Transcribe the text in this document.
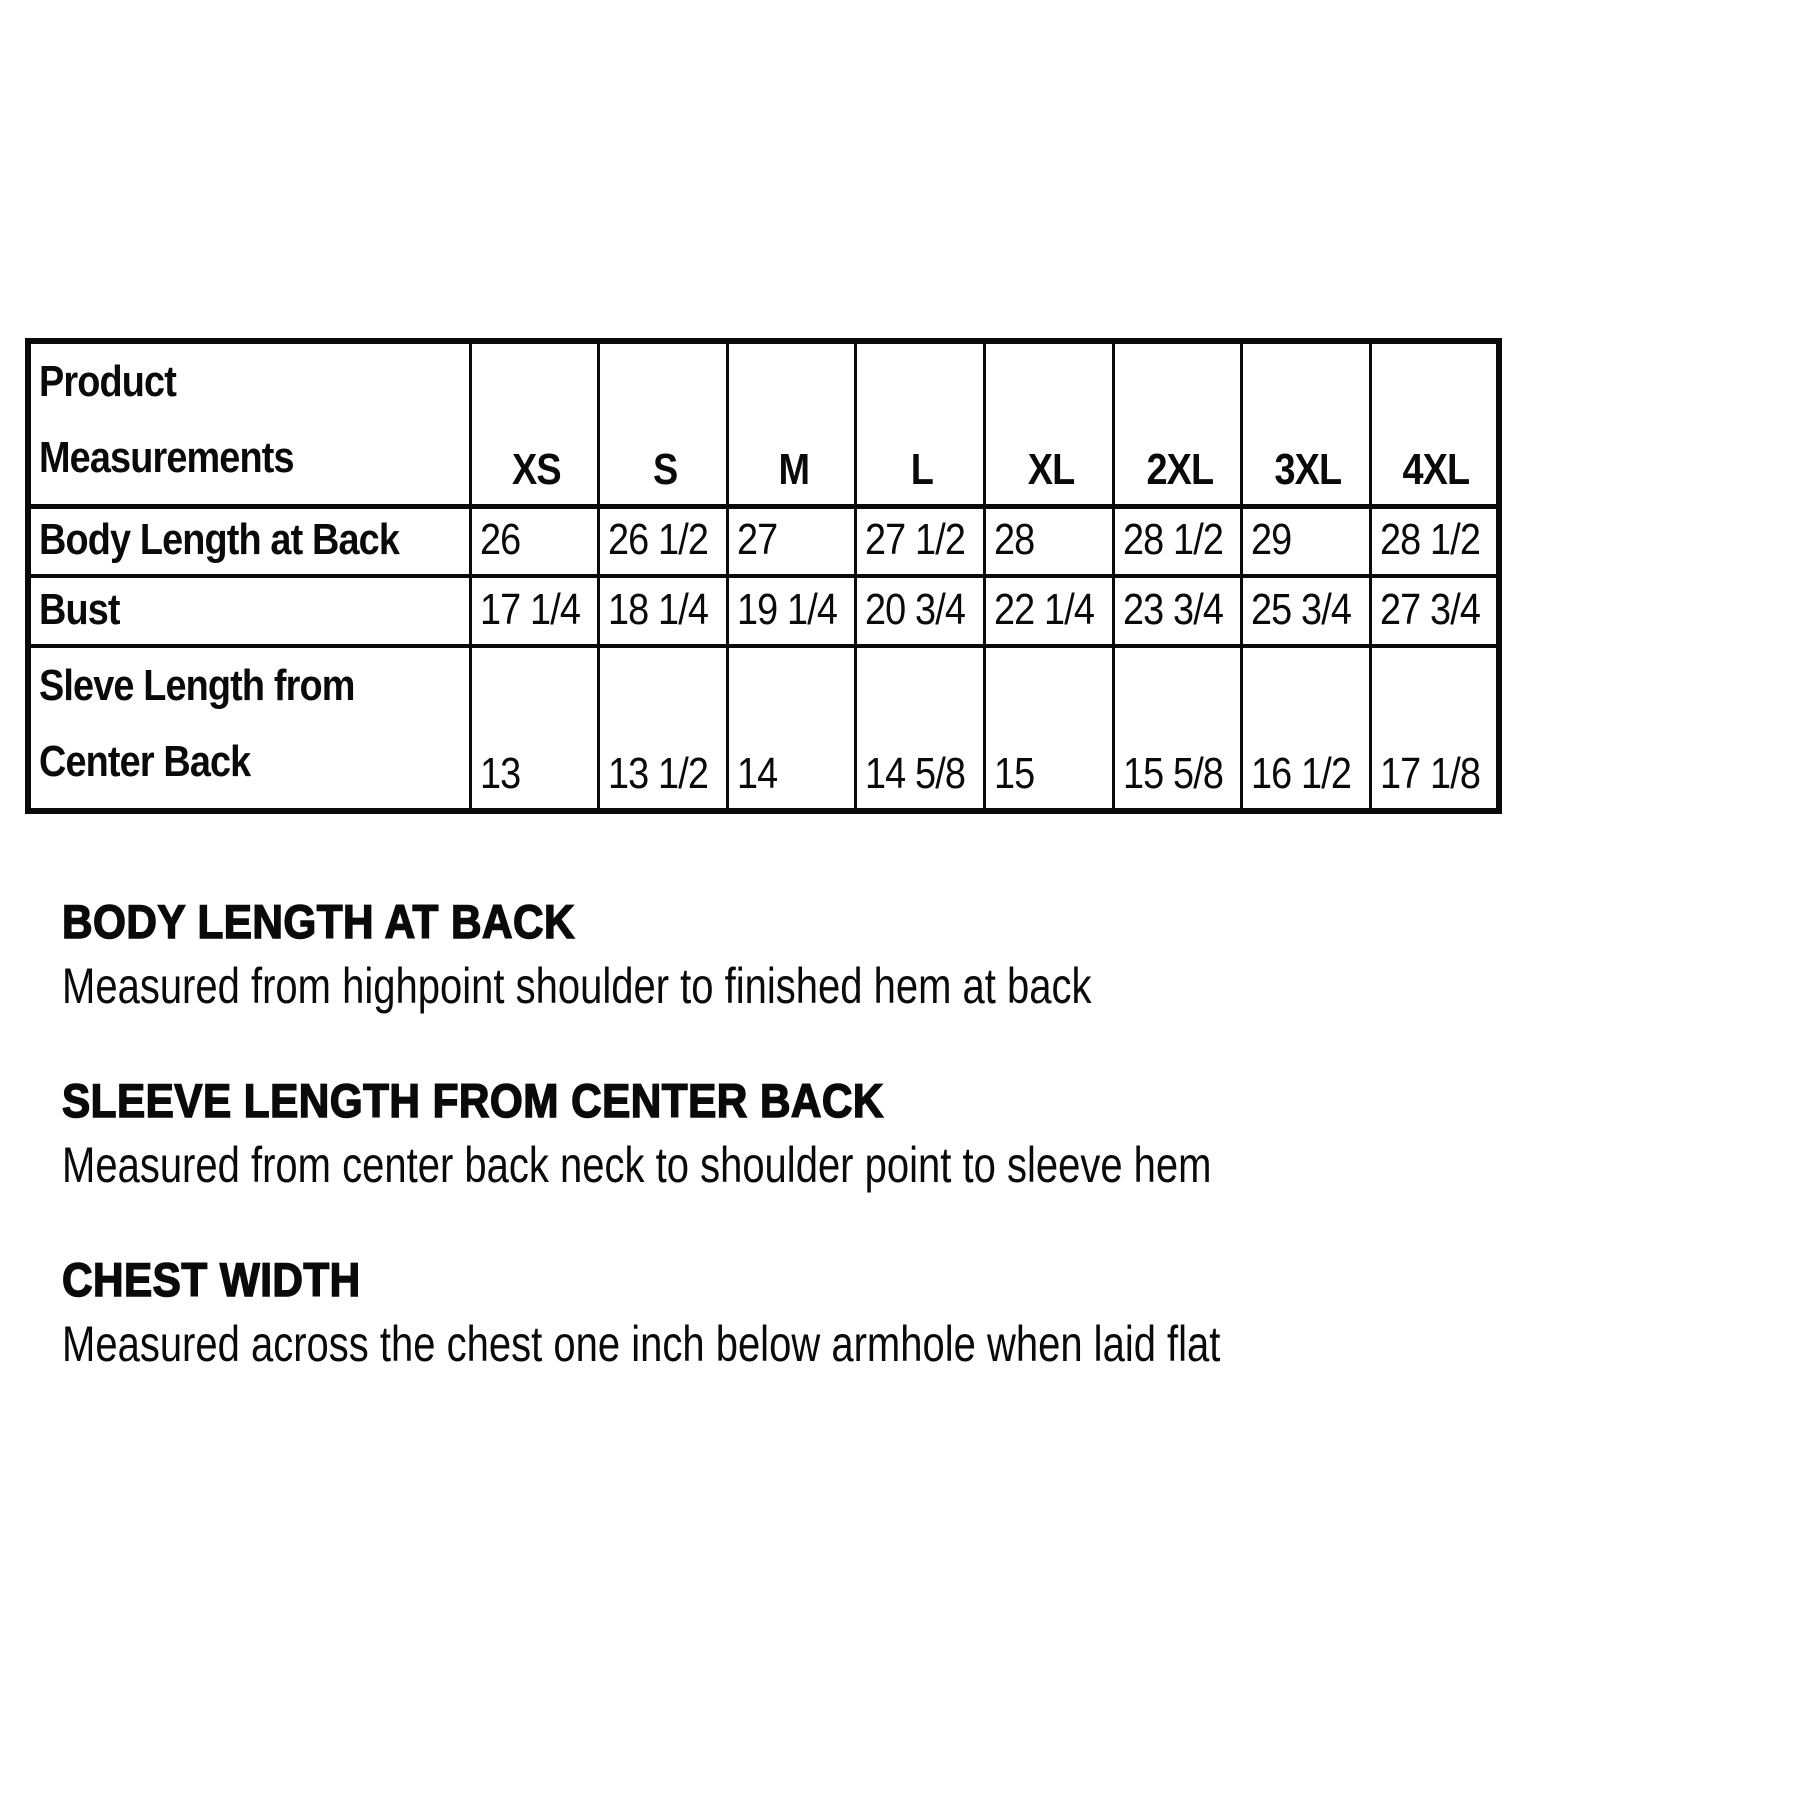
Product
Measurements	XS	S	M	L	XL	2XL	3XL	4XL
Body Length at Back	26	26 1/2	27	27 1/2	28	28 1/2	29	28 1/2
Bust	17 1/4	18 1/4	19 1/4	20 3/4	22 1/4	23 3/4	25 3/4	27 3/4

Sleve Length from
Center Back	13	13 1/2	14	14 5/8	15	15 5/8	16 1/2	17 1/8
BODY LENGTH AT BACK
Measured from highpoint shoulder to finished hem at back
SLEEVE LENGTH FROM CENTER BACK
Measured from center back neck to shoulder point to sleeve hem
CHEST WIDTH
Measured across the chest one inch below armhole when laid flat
